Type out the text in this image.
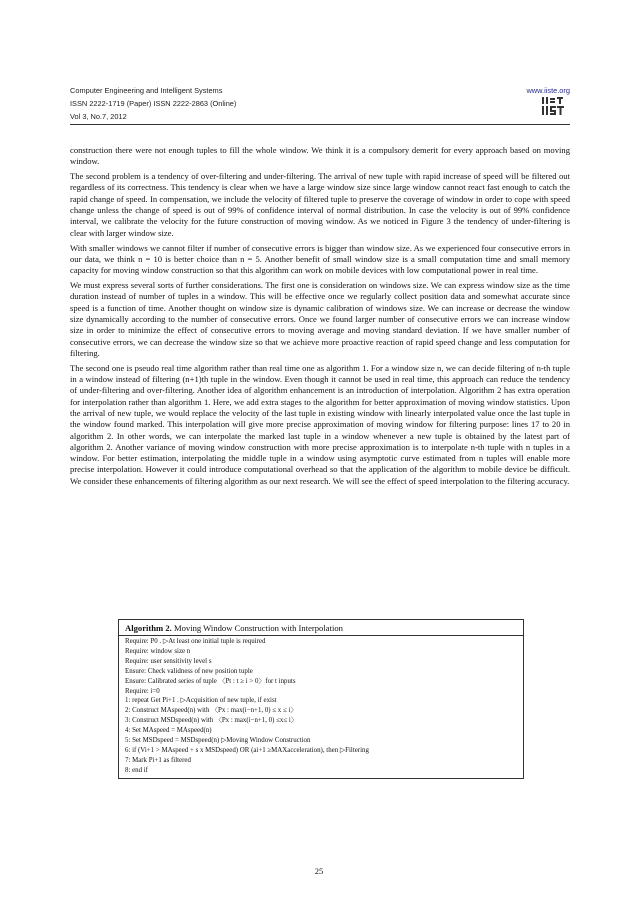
Computer Engineering and Intelligent Systems
ISSN 2222-1719 (Paper) ISSN 2222-2863 (Online)
Vol 3, No.7, 2012
www.iiste.org

construction there were not enough tuples to fill the whole window. We think it is a compulsory demerit for every approach based on moving window.

The second problem is a tendency of over-filtering and under-filtering. The arrival of new tuple with rapid increase of speed will be filtered out regardless of its correctness. This tendency is clear when we have a large window size since large window cannot react fast enough to catch the rapid change of speed. In compensation, we include the velocity of filtered tuple to preserve the coverage of window in order to cope with speed change unless the change of speed is out of 99% of confidence interval of normal distribution. In case the velocity is out of 99% confidence interval, we calibrate the velocity for the future construction of moving window. As we noticed in Figure 3 the tendency of under-filtering is clear with larger window size.

With smaller windows we cannot filter if number of consecutive errors is bigger than window size. As we experienced four consecutive errors in our data, we think n = 10 is better choice than n = 5. Another benefit of small window size is a small computation time and small memory capacity for moving window construction so that this algorithm can work on mobile devices with low computational power in real time.

We must express several sorts of further considerations. The first one is consideration on windows size. We can express window size as the time duration instead of number of tuples in a window. This will be effective once we regularly collect position data and somewhat accurate since speed is a function of time. Another thought on window size is dynamic calibration of windows size. We can increase or decrease the window size dynamically according to the number of consecutive errors. Once we found larger number of consecutive errors we can increase window size in order to minimize the effect of consecutive errors to moving average and moving standard deviation. If we have smaller number of consecutive errors, we can decrease the window size so that we achieve more proactive reaction of rapid speed change and less computation for filtering.

The second one is pseudo real time algorithm rather than real time one as algorithm 1. For a window size n, we can decide filtering of n-th tuple in a window instead of filtering (n+1)th tuple in the window. Even though it cannot be used in real time, this approach can reduce the tendency of under-filtering and over-filtering. Another idea of algorithm enhancement is an introduction of interpolation. Algorithm 2 has extra operation for interpolation rather than algorithm 1. Here, we add extra stages to the algorithm for better approximation of moving window statistics. Upon the arrival of new tuple, we would replace the velocity of the last tuple in existing window with linearly interpolated value once the last tuple in the window found marked. This interpolation will give more precise approximation of moving window for filtering purpose: lines 17 to 20 in algorithm 2. In other words, we can interpolate the marked last tuple in a window whenever a new tuple is obtained by the latest part of algorithm 2. Another variance of moving window construction with more precise approximation is to interpolate n-th tuple with n tuples in a window. For better estimation, interpolating the middle tuple in a window using asymptotic curve estimated from n tuples will enable more precise interpolation. However it could introduce computational overhead so that the application of the algorithm to mobile device be difficult. We consider these enhancements of filtering algorithm as our next research. We will see the effect of speed interpolation to the filtering accuracy.

Algorithm 2. Moving Window Construction with Interpolation
Require: P0 . ▷At least one initial tuple is required
Require: window size n
Require: user sensitivity level s
Ensure: Check validness of new position tuple
Ensure: Calibrated series of tuple 〈Pt : t ≥ i > 0〉for t inputs
Require: i=0
1: repeat Get Pi+1 . ▷Acquisition of new tuple, if exist
2: Construct MAspeed(n) with 〈Px : max(i−n+1, 0) ≤ x ≤ i〉
3: Construct MSDspeed(n) with 〈Px : max(i−n+1, 0) ≤x≤ i〉
4: Set MAspeed = MAspeed(n)
5: Set MSDspeed = MSDspeed(n) ▷Moving Window Construction
6: if (Vi+1 > MAspeed + s x MSDspeed) OR (ai+1 ≥MAXacceleration), then ▷Filtering
7: Mark Pi+1 as filtered
8: end if
25
